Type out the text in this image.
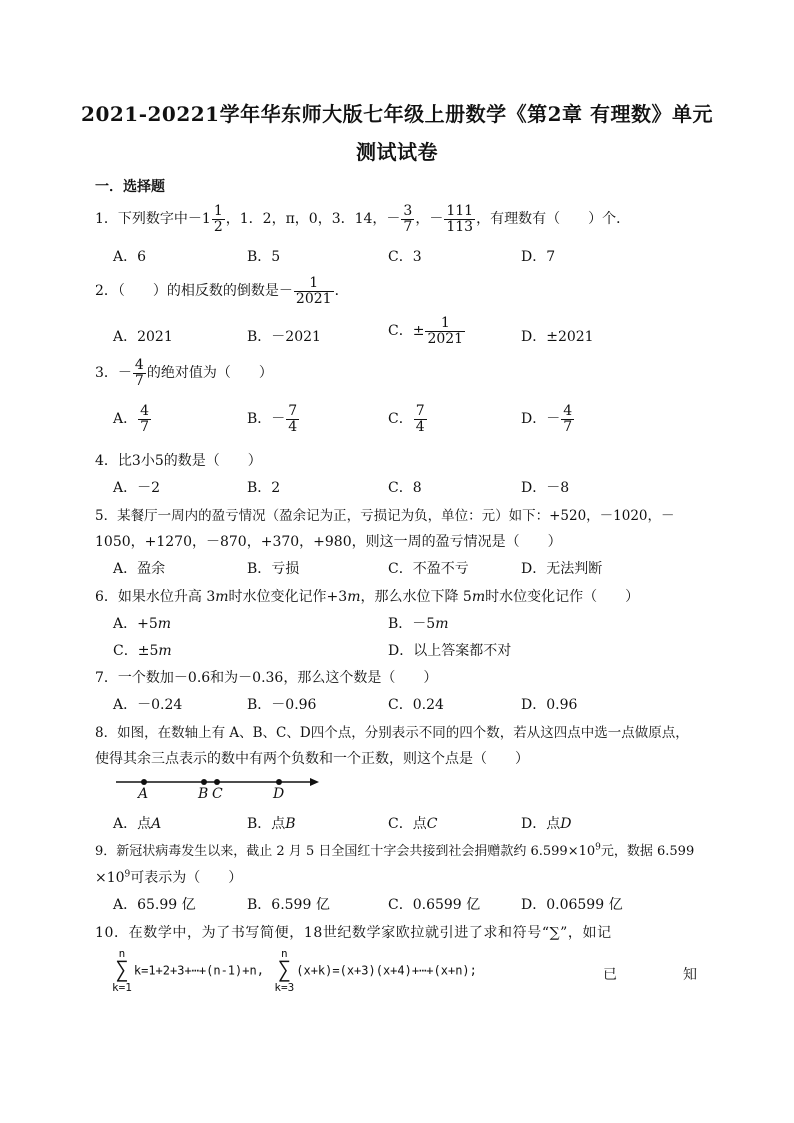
2021-20221学年华东师大版七年级上册数学《第2章 有理数》单元
测试试卷
一．选择题
1．下列数字中$-1 \frac{1}{2}$ ，1．2，π，0，3．14，－ $\frac{3}{7}$ ，－ $\frac{111}{113}$ ，有理数有（　　）个．
A．6	B．5	C．3	D．7
2．（　　）的相反数的倒数是－ $\frac{1}{2021}$ ．
A．2021	B．－2021	C．± $\frac{1}{2021}$	D．±2021
3．－ $\frac{4}{7}$ 的绝对值为（　　）
A． $\frac{4}{7}$	B．－ $\frac{7}{4}$	C． $\frac{7}{4}$	D．－ $\frac{4}{7}$
4．比3小5的数是（　　）
A．－2	B．2	C．8	D．－8
5．某餐厅一周内的盈亏情况（盈余记为正，亏损记为负，单位：元）如下：+520，－1020，－
1050，+1270，－870，+370，+980，则这一周的盈亏情况是（　　）
A．盈余	B．亏损	C．不盈不亏	D．无法判断
6．如果水位升高 3m时水位变化记作+3m，那么水位下降 5m时水位变化记作（　　）
A．+5m	B．－5m
C．±5m	D．以上答案都不对
7．一个数加－0.6和为－0.36，那么这个数是（　　）
A．－0.24	B．－0.96	C．0.24	D．0.96
8．如图，在数轴上有 A、B、C、D四个点，分别表示不同的四个数，若从这四点中选一点做原点，
使得其余三点表示的数中有两个负数和一个正数，则这个点是（　　）
A	B C	D
A．点A	B．点B	C．点C	D．点D
9．新冠状病毒发生以来，截止 2 月 5 日全国红十字会共接到社会捐赠款约 $6.599\times 10^9$元，数据 6.599
$\times 10^9$可表示为（　　）
A．65.99 亿	B．6.599 亿	C．0.6599 亿	D．0.06599 亿
10．在数学中，为了书写简便，18世纪数学家欧拉就引进了求和符号“∑”，如记
n
∑
k=1
k=1+2+3+⋯+(n-1)+n,
n
∑
k=3
(x+k)=(x+3)(x+4)+⋯+(x+n);	已	知
